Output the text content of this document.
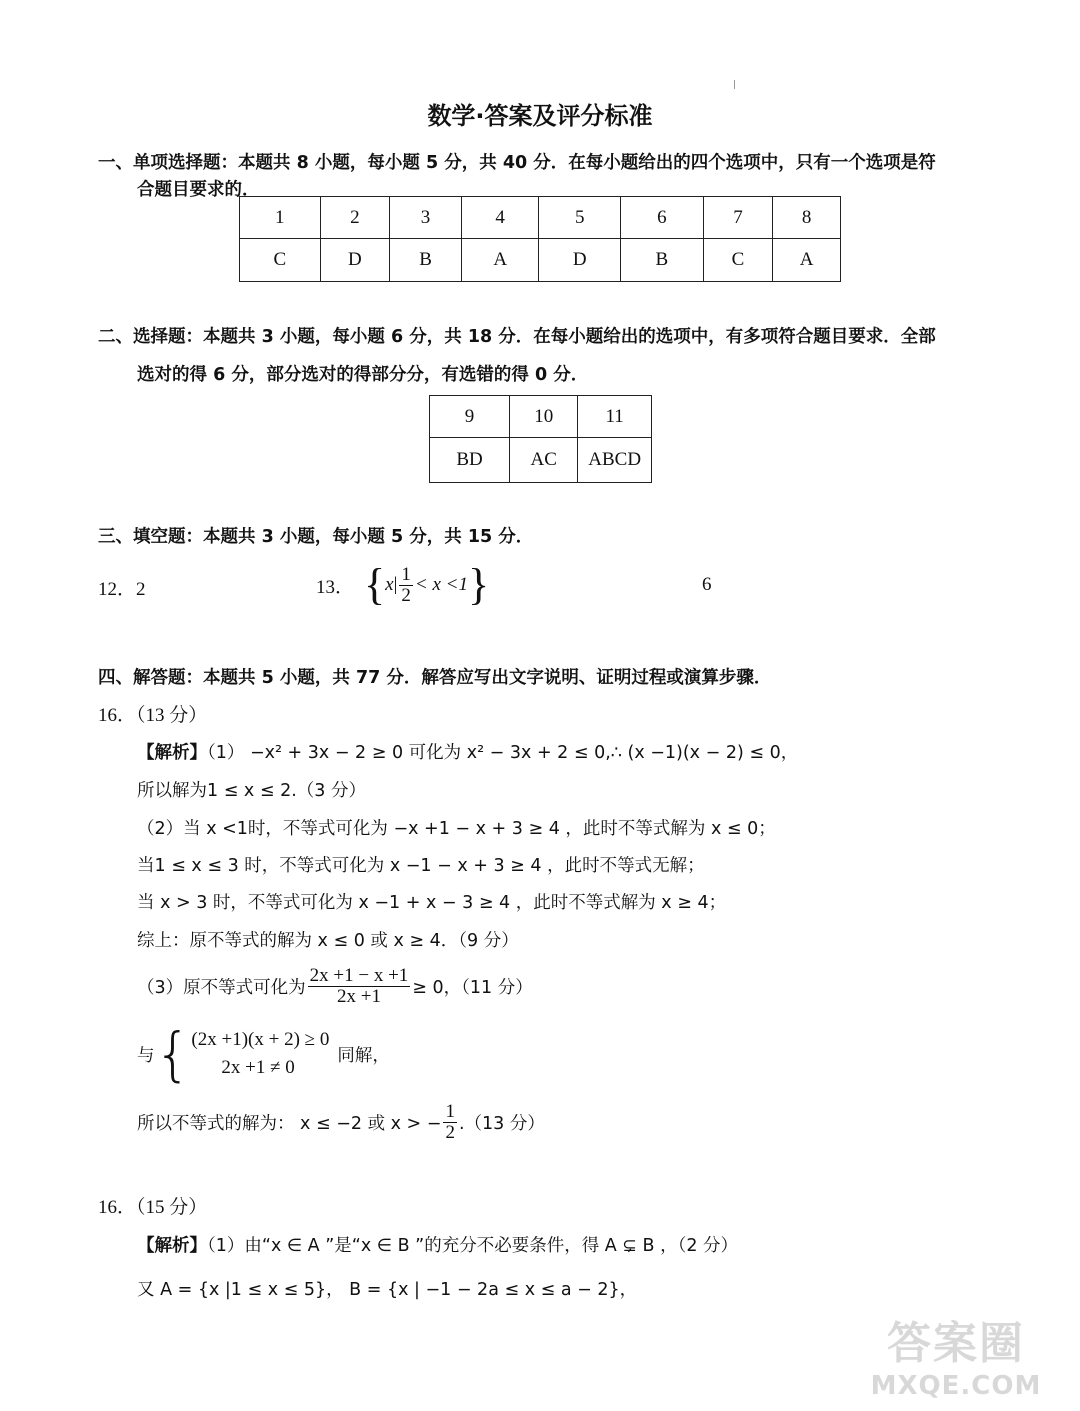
数学·答案及评分标准
一、单项选择题：本题共 8 小题，每小题 5 分，共 40 分．在每小题给出的四个选项中，只有一个选项是符
合题目要求的．
1	2	3	4	5	6	7	8
C	D	B	A	D	B	C	A
二、选择题：本题共 3 小题，每小题 6 分，共 18 分．在每小题给出的选项中，有多项符合题目要求．全部
选对的得 6 分，部分选对的得部分分，有选错的得 0 分．
9	10	11
BD	AC	ABCD
三、填空题：本题共 3 小题，每小题 5 分，共 15 分．
12．2	13． { x | $\frac{1}{2} < x <1$ }	6
四、解答题：本题共 5 小题，共 77 分．解答应写出文字说明、证明过程或演算步骤．
16．（13 分）
【解析】（1） −x² + 3x − 2 ≥ 0 可化为 x² − 3x + 2 ≤ 0,∴ (x −1)(x − 2) ≤ 0，
所以解为1 ≤ x ≤ 2.（3 分）
（2）当 x <1时，不等式可化为 −x +1 − x + 3 ≥ 4 ，此时不等式解为 x ≤ 0；
当1 ≤ x ≤ 3 时，不等式可化为 x −1 − x + 3 ≥ 4 ，此时不等式无解；
当 x > 3 时，不等式可化为 x −1 + x − 3 ≥ 4 ，此时不等式解为 x ≥ 4；
综上：原不等式的解为 x ≤ 0 或 x ≥ 4．（9 分）
（3）原不等式可化为 $\frac{2x +1 - x +1}{2x +1} \ge 0$，（11 分）
与 { (2x +1)(x + 2) ≥ 0
2x +1 ≠ 0
同解，
所以不等式的解为： x ≤ −2 或 x > − $\frac{1}{2} .(13$ 分）
16．（15 分）
【解析】（1）由“x ∈ A ”是“x ∈ B ”的充分不必要条件，得 A ⊊ B ，（2 分）
又 A = {x |1 ≤ x ≤ 5}， B = {x | −1 − 2a ≤ x ≤ a − 2}，
答案圈
MXQE.COM
